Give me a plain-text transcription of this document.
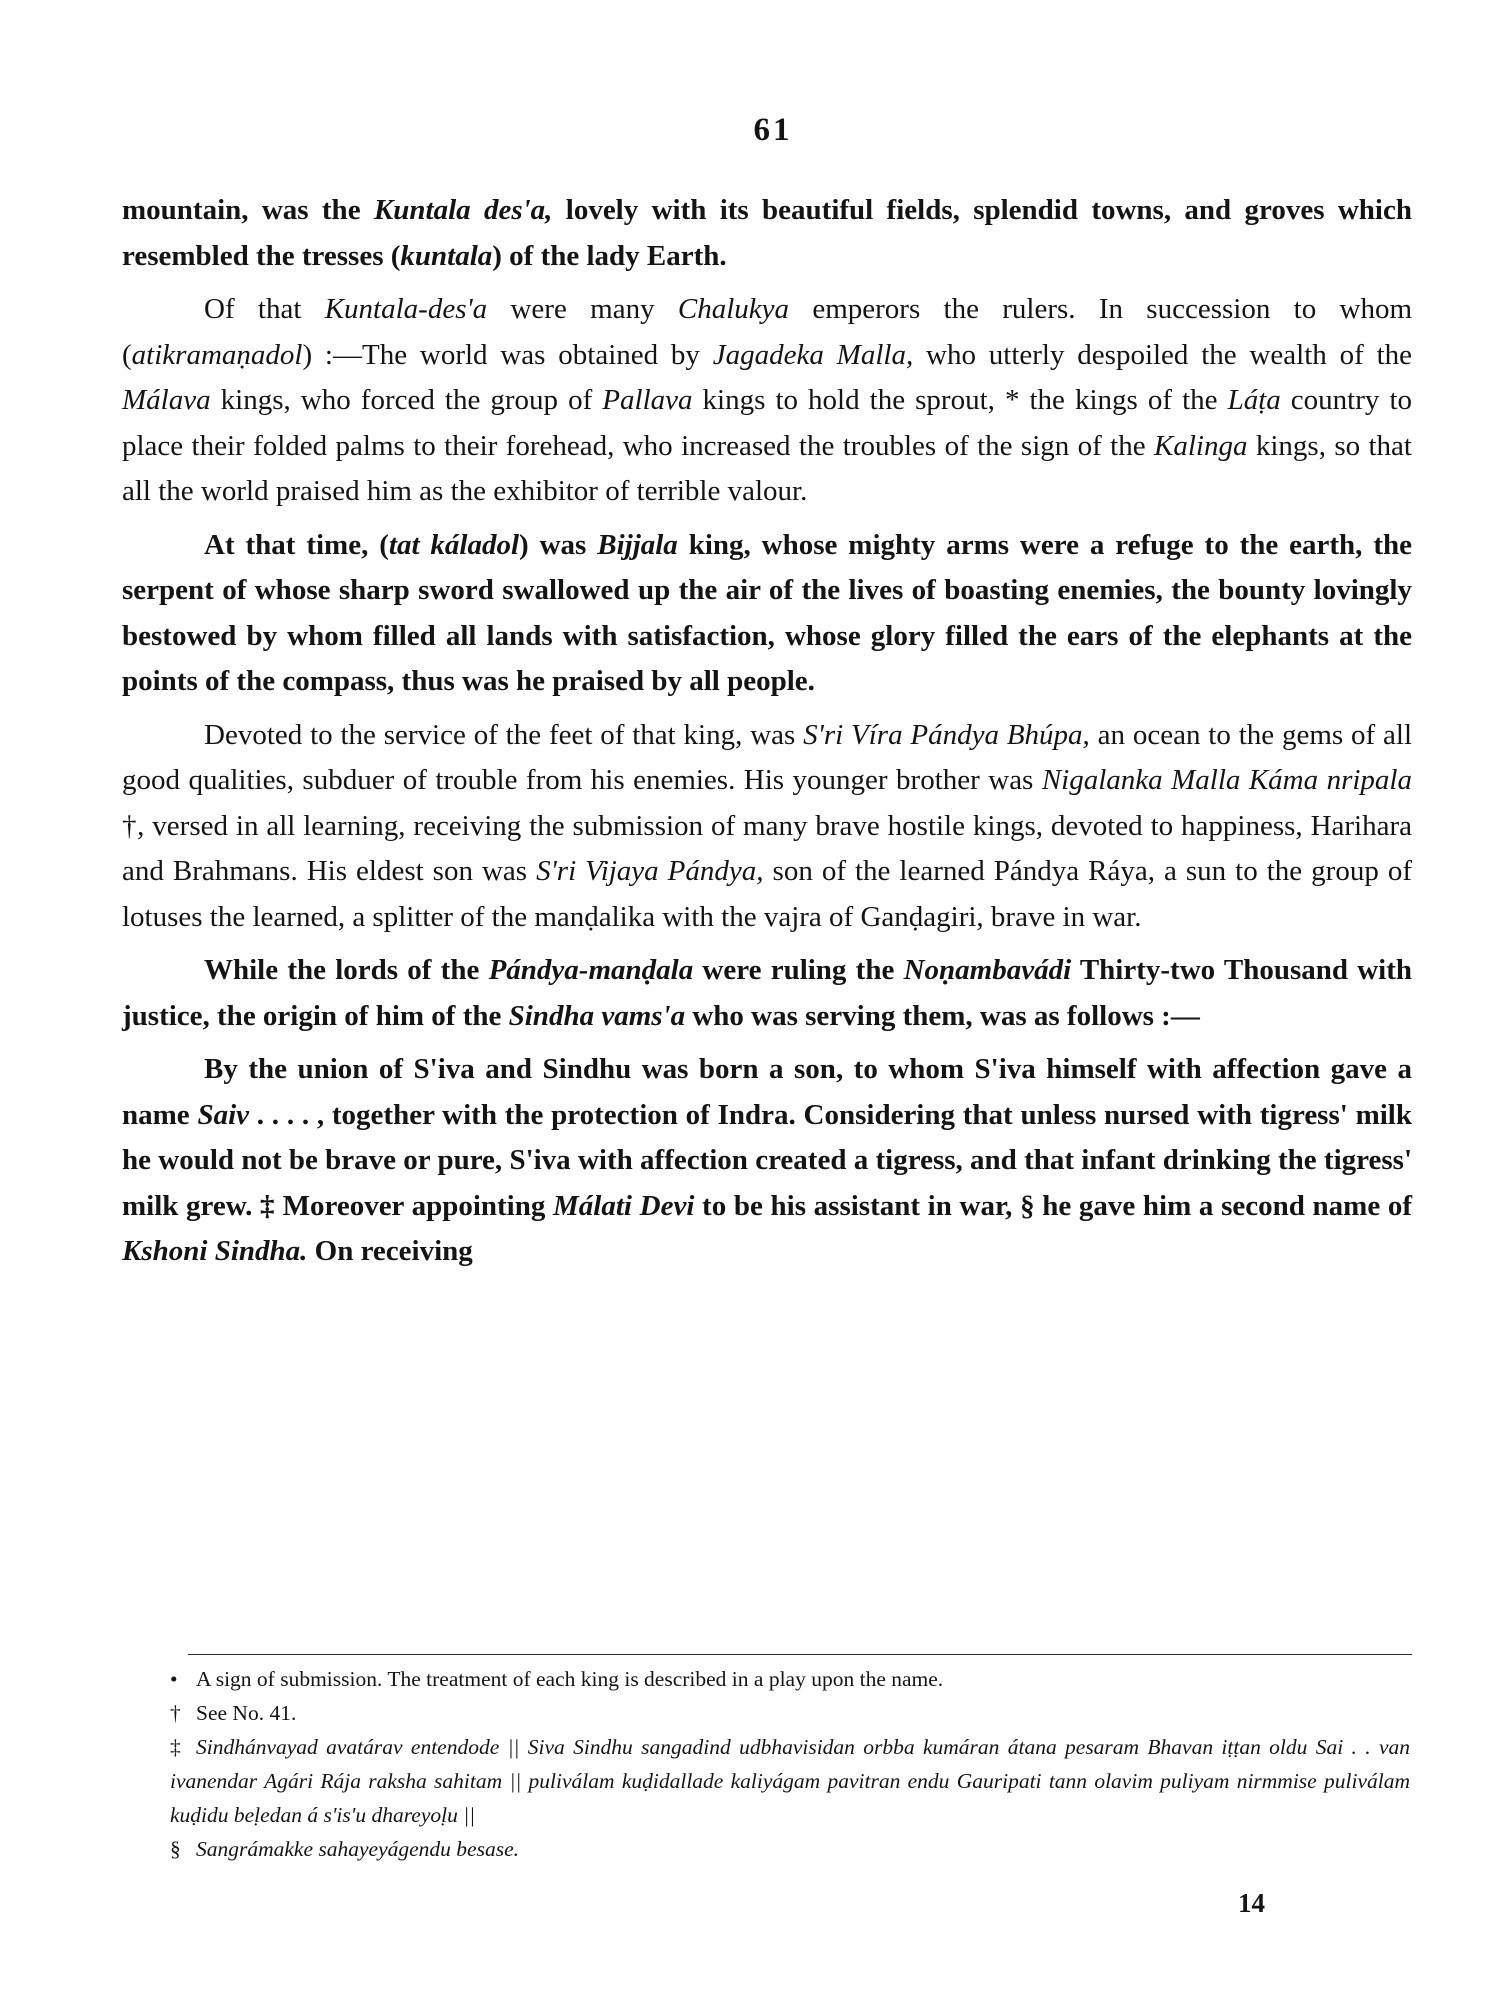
61

mountain, was the Kuntala des'a, lovely with its beautiful fields, splendid towns, and groves which resembled the tresses (kuntala) of the lady Earth.

Of that Kuntala-des'a were many Chalukya emperors the rulers. In succession to whom (atikramaṇadol) :—The world was obtained by Jagadeka Malla, who utterly despoiled the wealth of the Málava kings, who forced the group of Pallava kings to hold the sprout, * the kings of the Láṭa country to place their folded palms to their forehead, who increased the troubles of the sign of the Kalinga kings, so that all the world praised him as the exhibitor of terrible valour.

At that time, (tat káladol) was Bijjala king, whose mighty arms were a refuge to the earth, the serpent of whose sharp sword swallowed up the air of the lives of boasting enemies, the bounty lovingly bestowed by whom filled all lands with satisfaction, whose glory filled the ears of the elephants at the points of the compass, thus was he praised by all people.

Devoted to the service of the feet of that king, was S'ri Víra Pándya Bhúpa, an ocean to the gems of all good qualities, subduer of trouble from his enemies. His younger brother was Nigalanka Malla Káma nripala †, versed in all learning, receiving the submission of many brave hostile kings, devoted to happiness, Harihara and Brahmans. His eldest son was S'ri Vijaya Pándya, son of the learned Pándya Ráya, a sun to the group of lotuses the learned, a splitter of the manḍalika with the vajra of Ganḍagiri, brave in war.

While the lords of the Pándya-manḍala were ruling the Noṇambavádi Thirty-two Thousand with justice, the origin of him of the Sindha vams'a who was serving them, was as follows :—

By the union of S'iva and Sindhu was born a son, to whom S'iva himself with affection gave a name Saiv . . . . , together with the protection of Indra. Considering that unless nursed with tigress' milk he would not be brave or pure, S'iva with affection created a tigress, and that infant drinking the tigress' milk grew. ‡ Moreover appointing Málati Devi to be his assistant in war, § he gave him a second name of Kshoni Sindha. On receiving

• A sign of submission. The treatment of each king is described in a play upon the name.

† See No. 41.

‡ Sindhánvayad avatárav entendode || Siva Sindhu sangadind udbhavisidan orbba kumáran átana pesaram Bhavan iṭṭan oldu Sai . . van ivanendar Agári Rája raksha sahitam || puliválam kuḍidallade kaliyágam pavitran endu Gauripati tann olavim puliyam nirmmise puliválam kuḍidu beḷedan á s'is'u dhareyoḷu ||

§ Sangrámakke sahayeyágendu besase.

14
